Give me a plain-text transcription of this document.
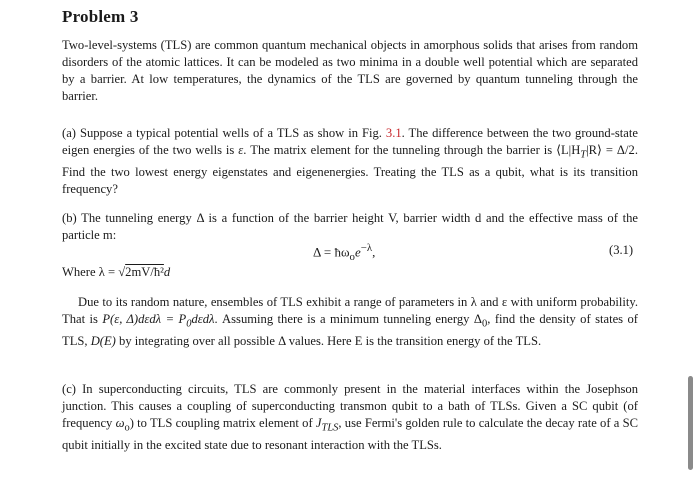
Problem 3

Two-level-systems (TLS) are common quantum mechanical objects in amorphous solids that arises from random disorders of the atomic lattices. It can be modeled as two minima in a double well potential which are separated by a barrier. At low temperatures, the dynamics of the TLS are governed by quantum tunneling through the barrier.

(a) Suppose a typical potential wells of a TLS as show in Fig. 3.1. The difference between the two ground-state eigen energies of the two wells is ε. The matrix element for the tunneling through the barrier is $⟨L|H_T|R⟩ = \Delta/2$. Find the two lowest energy eigenstates and eigenenergies. Treating the TLS as a qubit, what is its transition frequency?

(b) The tunneling energy Δ is a function of the barrier height V, barrier width d and the effective mass of the particle m:

$\Delta = ħ\omega_oe^{-\lambda}$,	(3.1)
Where λ = √2mV/ħ²d

Due to its random nature, ensembles of TLS exhibit a range of parameters in λ and ε with uniform probability. That is P(ε, $\Delta)d\varepsilon d\lambda = P_0d\varepsilon d\lambda$. Assuming there is a minimum tunneling energy $\Delta_0$, find the density of states of TLS, D(E) by integrating over all possible Δ values. Here E is the transition energy of the TLS.

(c) In superconducting circuits, TLS are commonly present in the material interfaces within the Josephson junction. This causes a coupling of superconducting transmon qubit to a bath of TLSs. Given a SC qubit (of frequency $\omega_o$) to TLS coupling matrix element of $J_{TLS}$, use Fermi's golden rule to calculate the decay rate of a SC qubit initially in the excited state due to resonant interaction with the TLSs.
